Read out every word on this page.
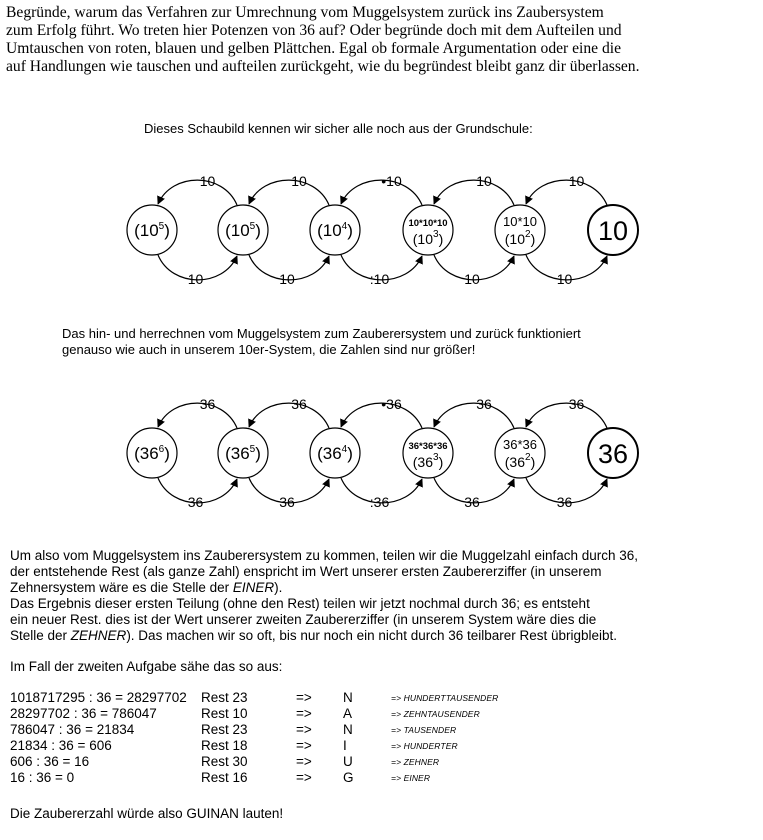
Begründe, warum das Verfahren zur Umrechnung vom Muggelsystem zurück ins Zaubersystem
zum Erfolg führt. Wo treten hier Potenzen von 36 auf? Oder begründe doch mit dem Aufteilen und
Umtauschen von roten, blauen und gelben Plättchen. Egal ob formale Argumentation oder eine die
auf Handlungen wie tauschen und aufteilen zurückgeht, wie du begründest bleibt ganz dir überlassen.
Dieses Schaubild kennen wir sicher alle noch aus der Grundschule:
$(10^5)$	$(10^5)$	$(10^4)$	10*10*10
$(10^3)$
10*10
$(10^2)$ 10
10
10
10
10
•10
:10
10
10
10
10
Das hin- und herrechnen vom Muggelsystem zum Zauberersystem und zurück funktioniert
genauso wie auch in unserem 10er-System, die Zahlen sind nur größer!
$(36^6)$	$(36^5)$	$(36^4)$	36*36*36
$(36^3)$
36*36
$(36^2)$ 36
36
36
36
36
•36
:36
36
36
36
36
Um also vom Muggelsystem ins Zauberersystem zu kommen, teilen wir die Muggelzahl einfach durch 36,
der entstehende Rest (als ganze Zahl) enspricht im Wert unserer ersten Zaubererziffer (in unserem
Zehnersystem wäre es die Stelle der EINER).
Das Ergebnis dieser ersten Teilung (ohne den Rest) teilen wir jetzt nochmal durch 36; es entsteht
ein neuer Rest. dies ist der Wert unserer zweiten Zaubererziffer (in unserem System wäre dies die
Stelle der ZEHNER). Das machen wir so oft, bis nur noch ein nicht durch 36 teilbarer Rest übrigbleibt.
Im Fall der zweiten Aufgabe sähe das so aus:
1018717295 : 36 = 28297702 Rest 23	=> N	=> HUNDERTTAUSENDER
28297702 : 36 = 786047	Rest 10	=> A	=> ZEHNTAUSENDER
786047 : 36 = 21834	Rest 23	=> N	=> TAUSENDER
21834 : 36 = 606	Rest 18	=> I	=> HUNDERTER
606 : 36 = 16	Rest 30	=> U	=> ZEHNER
16 : 36 = 0	Rest 16	=> G	=> EINER
Die Zaubererzahl würde also GUINAN lauten!
